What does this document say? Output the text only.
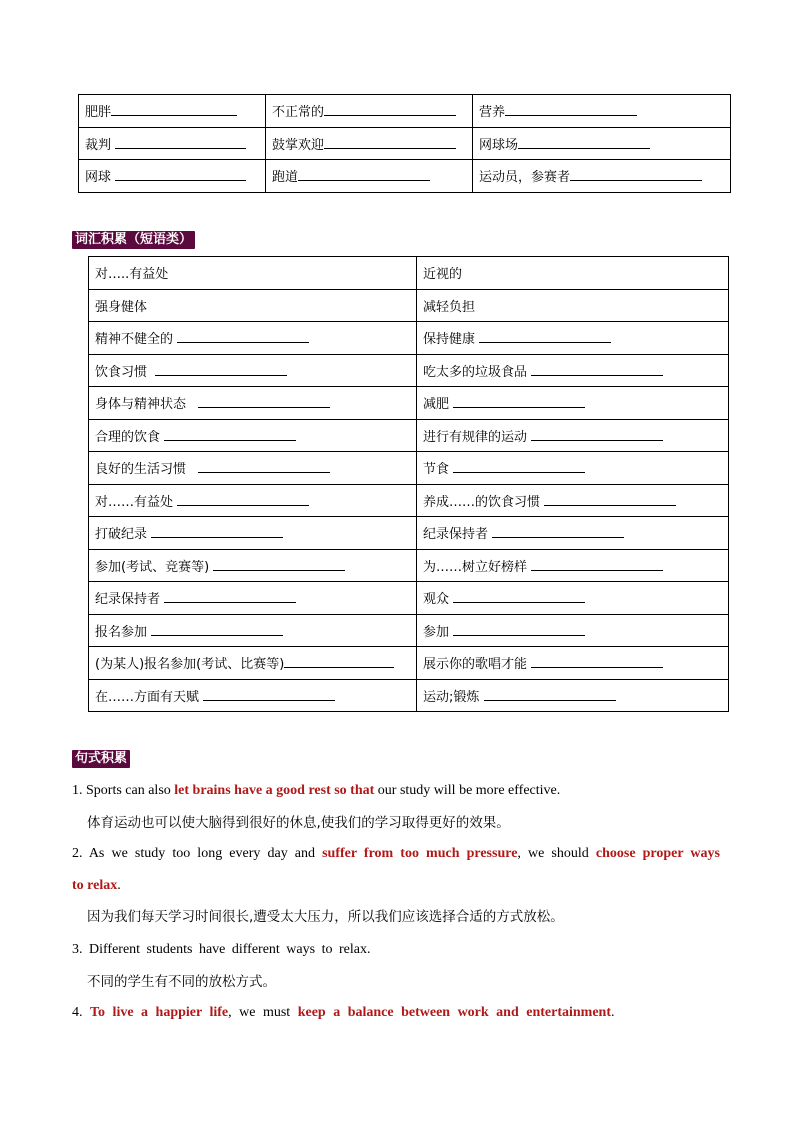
肥胖	不正常的	营养
裁判	鼓掌欢迎	网球场
网球	跑道	运动员，参赛者
词汇积累（短语类）
对…..有益处	近视的
强身健体	减轻负担
精神不健全的	保持健康
饮食习惯	吃太多的垃圾食品
身体与精神状态	减肥
合理的饮食	进行有规律的运动
良好的生活习惯	节食
对……有益处	养成……的饮食习惯
打破纪录	纪录保持者
参加(考试、竞赛等)	为……树立好榜样
纪录保持者	观众
报名参加	参加
(为某人)报名参加(考试、比赛等)	展示你的歌唱才能
在……方面有天赋	运动;锻炼
句式积累
1. Sports can also let brains have a good rest so that our study will be more effective.
体育运动也可以使大脑得到很好的休息,使我们的学习取得更好的效果。
2. As we study too long every day and suffer from too much pressure, we should choose proper ways
to relax.
因为我们每天学习时间很长,遭受太大压力，所以我们应该选择合适的方式放松。
3. Different students have different ways to relax.
不同的学生有不同的放松方式。
4. To live a happier life, we must keep a balance between work and entertainment.
